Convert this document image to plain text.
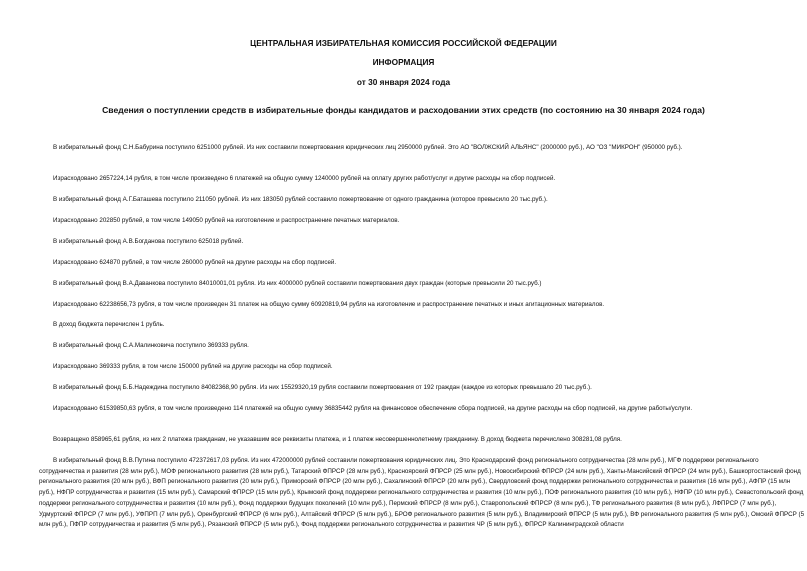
ЦЕНТРАЛЬНАЯ ИЗБИРАТЕЛЬНАЯ КОМИССИЯ РОССИЙСКОЙ ФЕДЕРАЦИИ
ИНФОРМАЦИЯ
от 30 января 2024 года
Сведения о поступлении средств в избирательные фонды кандидатов и расходовании этих средств (по состоянию на 30 января 2024 года)

В избирательный фонд С.Н.Бабурина поступило 6251000 рублей. Из них составили пожертвования юридических лиц 2950000 рублей. Это АО "ВОЛЖСКИЙ АЛЬЯНС" (2000000 руб.), АО "ОЗ "МИКРОН" (950000 руб.).

Израсходовано 2657224,14 рубля, в том числе произведено 6 платежей на общую сумму 1240000 рублей на оплату других работ/услуг и другие расходы на сбор подписей.

В избирательный фонд А.Г.Баташева поступило 211050 рублей. Из них 183050 рублей составило пожертвование от одного гражданина (которое превысило 20 тыс.руб.).

Израсходовано 202850 рублей, в том числе 149050 рублей на изготовление и распространение печатных материалов.

В избирательный фонд А.В.Богданова поступило 625018 рублей.

Израсходовано 624870 рублей, в том числе 260000 рублей на другие расходы на сбор подписей.

В избирательный фонд В.А.Даванкова поступило 84010001,01 рубля. Из них 4000000 рублей составили пожертвования двух граждан (которые превысили 20 тыс.руб.)

Израсходовано 62238656,73 рубля, в том числе произведен 31 платеж на общую сумму 60920819,94 рубля на изготовление и распространение печатных и иных агитационных материалов.

В доход бюджета перечислен 1 рубль.

В избирательный фонд С.А.Малинковича поступило 369333 рубля.

Израсходовано 369333 рубля, в том числе 150000 рублей на другие расходы на сбор подписей.

В избирательный фонд Б.Б.Надеждина поступило 84082368,90 рубля. Из них 15529320,19 рубля составили пожертвования от 192 граждан (каждое из которых превышало 20 тыс.руб.).

Израсходовано 61539850,63 рубля, в том числе произведено 114 платежей на общую сумму 36835442 рубля на финансовое обеспечение сбора подписей, на другие расходы на сбор подписей, на другие работы/услуги.

Возвращено 858965,61 рубля, из них 2 платежа гражданам, не указавшим все реквизиты платежа, и 1 платеж несовершеннолетнему гражданину. В доход бюджета перечислено 308281,08 рубля.

В избирательный фонд В.В.Путина поступило 472372617,03 рубля. Из них 472000000 рублей составили пожертвования юридических лиц. Это Краснодарский фонд регионального сотрудничества (28 млн руб.), МГФ поддержки регионального сотрудничества и развития (28 млн руб.), МОФ регионального развития (28 млн руб.), Татарский ФПРСР (28 млн руб.), Красноярский ФПРСР (25 млн руб.), Новосибирский ФПРСР (24 млн руб.), Ханты-Мансийский ФПРСР (24 млн руб.), Башкортостанский фонд регионального развития (20 млн руб.), ВФП регионального развития (20 млн руб.), Приморский ФПРСР (20 млн руб.), Сахалинский ФПРСР (20 млн руб.), Свердловский фонд поддержки регионального сотрудничества и развития (16 млн руб.), АФПР (15 млн руб.), НФПР сотрудничества и развития (15 млн руб.), Самарский ФПРСР (15 млн руб.), Крымский фонд поддержки регионального сотрудничества и развития (10 млн руб.), ПОФ регионального развития (10 млн руб.), НФПР (10 млн руб.), Севастопольский фонд поддержки регионального сотрудничества и развития (10 млн руб.), Фонд поддержки будущих поколений (10 млн руб.), Пермский ФПРСР (8 млн руб.), Ставропольский ФПРСР (8 млн руб.), ТФ регионального развития (8 млн руб.), ЛФПРСР (7 млн руб.), Удмуртский ФПРСР (7 млн руб.), УФПРП (7 млн руб.), Оренбургский ФПРСР (6 млн руб.), Алтайский ФПРСР (5 млн руб.), БРОФ регионального развития (5 млн руб.), Владимирский ФПРСР (5 млн руб.), ВФ регионального развития (5 млн руб.), Омский ФПРСР (5 млн руб.), ПФПР сотрудничества и развития (5 млн руб.), Рязанский ФПРСР (5 млн руб.), Фонд поддержки регионального сотрудничества и развития ЧР (5 млн руб.), ФПРСР Калининградской области
